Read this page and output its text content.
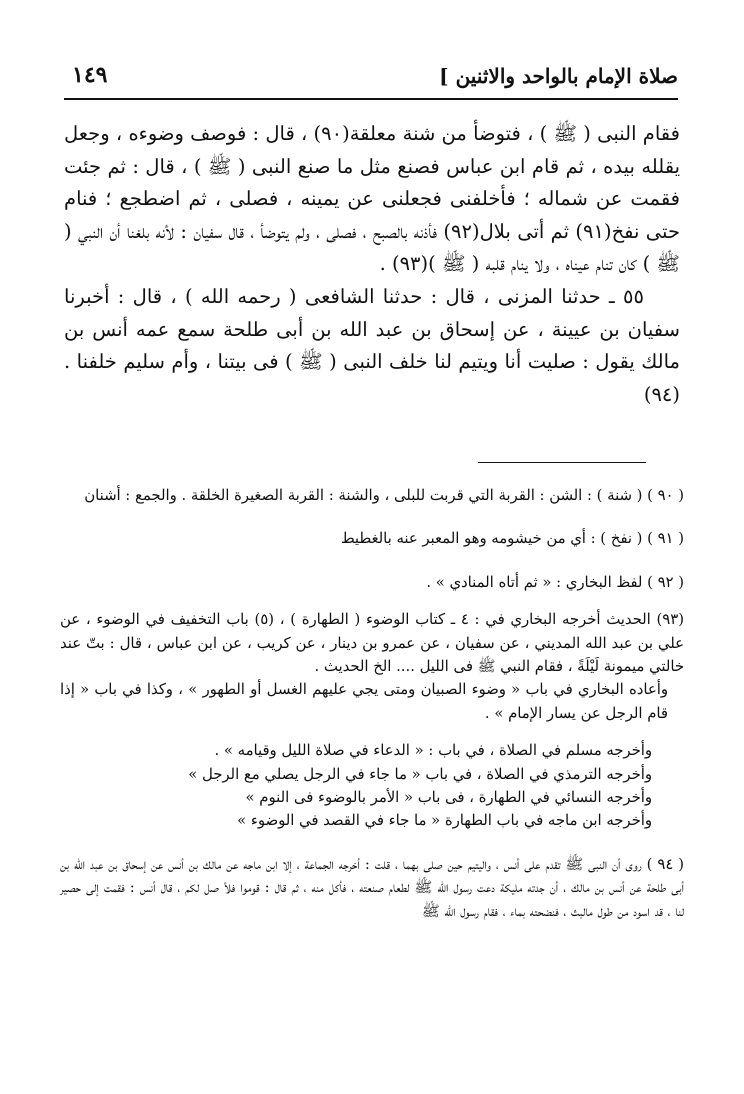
صلاة الإمام بالواحد والاثنين ]
١٤٩

فقام النبى ( ﷺ ) ، فتوضأ من شنة معلقة(٩٠) ، قال : فوصف وضوءه ، وجعل يقلله بيده ، ثم قام ابن عباس فصنع مثل ما صنع النبى ( ﷺ ) ، قال : ثم جئت فقمت عن شماله ؛ فأخلفنى فجعلنى عن يمينه ، فصلى ، ثم اضطجع ؛ فنام حتى نفخ(٩١) ثم أتى بلال(٩٢) فأذنه بالصبح ، فصلى ، ولم يتوضأ ، قال سفيان : لأنه بلغنا أن النبي ( ﷺ ) كان تنام عيناه ، ولا ينام قلبه ( ﷺ )(٩٣) .

٥٥ ـ حدثنا المزنى ، قال : حدثنا الشافعى ( رحمه الله ) ، قال : أخبرنا سفيان بن عيينة ، عن إسحاق بن عبد الله بن أبى طلحة سمع عمه أنس بن مالك يقول : صليت أنا ويتيم لنا خلف النبى ( ﷺ ) فى بيتنا ، وأم سليم خلفنا .(٩٤)

( ٩٠ ) ( شنة ) : الشن : القربة التي قربت للبلى ، والشنة : القربة الصغيرة الخلقة . والجمع : أشنان

( ٩١ ) ( نفخ ) : أي من خيشومه وهو المعبر عنه بالغطيط

( ٩٢ ) لفظ البخاري : « ثم أتاه المنادي » .

(٩٣) الحديث أخرجه البخاري في : ٤ ـ كتاب الوضوء ( الطهارة ) ، (٥) باب التخفيف في الوضوء ، عن علي بن عبد الله المديني ، عن سفيان ، عن عمرو بن دينار ، عن كريب ، عن ابن عباس ، قال : بتّ عند خالتي ميمونة لَيْلَةً ، فقام النبي ﷺ فى الليل .... الخ الحديث .

وأعاده البخاري في باب « وضوء الصبيان ومتى يجي عليهم الغسل أو الطهور » ، وكذا في باب « إذا قام الرجل عن يسار الإمام » .

وأخرجه مسلم في الصلاة ، في باب : « الدعاء في صلاة الليل وقيامه » .

وأخرجه الترمذي في الصلاة ، في باب « ما جاء في الرجل يصلي مع الرجل »

وأخرجه النسائي في الطهارة ، فى باب « الأمر بالوضوء فى النوم »

وأخرجه ابن ماجه في باب الطهارة « ما جاء في القصد في الوضوء »

( ٩٤ ) روى أن النبى ﷺ تقدم على أنس ، واليتيم حين صلى بهما ، قلت : أخرجه الجماعة ، إلا ابن ماجه عن مالك بن أنس عن إسحاق بن عبد الله بن أبى طلحة عن أنس بن مالك ، أن جدته مليكة دعت رسول الله ﷺ لطعام صنعته ، فأكل منه ، ثم قال : قوموا فلأ صل لكم ، قال أنس : فقمت إلى حصير لنا ، قد اسود من طول مالبث ، فنضحته بماء ، فقام رسول الله ﷺ
